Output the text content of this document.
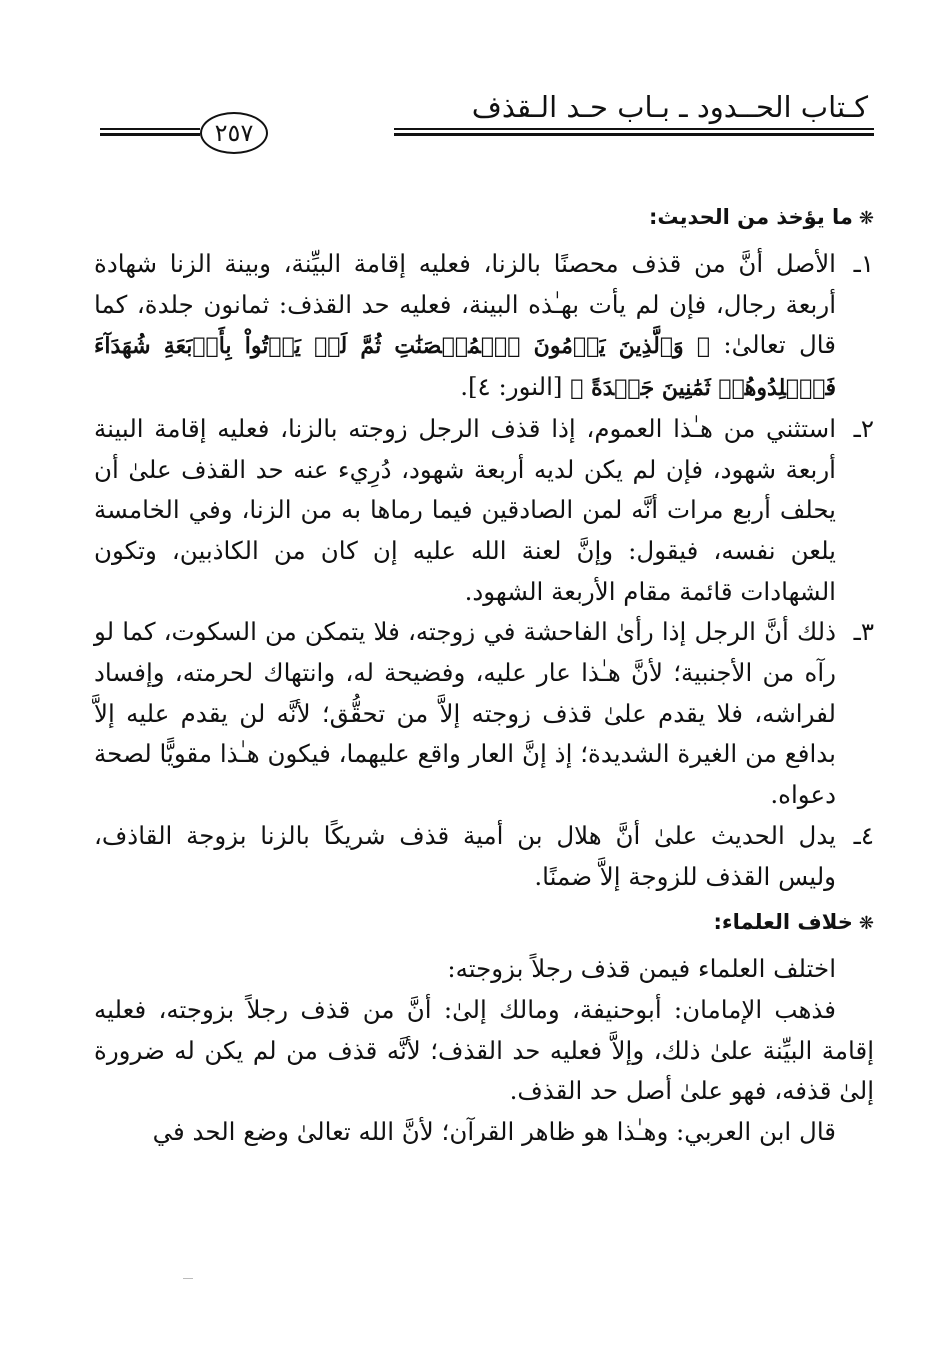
كـتاب الحــدود ـ بـاب حـد الـقذف
٢٥٧

❋ما يؤخذ من الحديث:

١ـالأصل أنَّ من قذف محصنًا بالزنا، فعليه إقامة البيِّنة، وبينة الزنا شهادة أربعة رجال، فإن لم يأت بهـٰذه البينة، فعليه حد القذف: ثمانون جلدة، كما قال تعالىٰ: ﴿ وَٱلَّذِينَ يَرۡمُونَ ٱلۡمُحۡصَنَٰتِ ثُمَّ لَمۡ يَأۡتُواْ بِأَرۡبَعَةِ شُهَدَآءَ فَٱجۡلِدُوهُمۡ ثَمَٰنِينَ جَلۡدَةً ﴾ [النور: ٤].

٢ـاستثني من هـٰذا العموم، إذا قذف الرجل زوجته بالزنا، فعليه إقامة البينة أربعة شهود، فإن لم يكن لديه أربعة شهود، دُرِيء عنه حد القذف علىٰ أن يحلف أربع مرات أنَّه لمن الصادقين فيما رماها به من الزنا، وفي الخامسة يلعن نفسه، فيقول: وإنَّ لعنة الله عليه إن كان من الكاذبين، وتكون الشهادات قائمة مقام الأربعة الشهود.

٣ـذلك أنَّ الرجل إذا رأىٰ الفاحشة في زوجته، فلا يتمكن من السكوت، كما لو رآه من الأجنبية؛ لأنَّ هـٰذا عار عليه، وفضيحة له، وانتهاك لحرمته، وإفساد لفراشه، فلا يقدم علىٰ قذف زوجته إلاَّ من تحقُّق؛ لأنَّه لن يقدم عليه إلاَّ بدافع من الغيرة الشديدة؛ إذ إنَّ العار واقع عليهما، فيكون هـٰذا مقويًّا لصحة دعواه.

٤ـيدل الحديث علىٰ أنَّ هلال بن أمية قذف شريكًا بالزنا بزوجة القاذف، وليس القذف للزوجة إلاَّ ضمنًا.

❋خلاف العلماء:

اختلف العلماء فيمن قذف رجلاً بزوجته:

فذهب الإمامان: أبوحنيفة، ومالك إلىٰ: أنَّ من قذف رجلاً بزوجته، فعليه إقامة البيِّنة علىٰ ذلك، وإلاَّ فعليه حد القذف؛ لأنَّه قذف من لم يكن له ضرورة إلىٰ قذفه، فهو علىٰ أصل حد القذف.

قال ابن العربي: وهـٰذا هو ظاهر القرآن؛ لأنَّ الله تعالىٰ وضع الحد في
